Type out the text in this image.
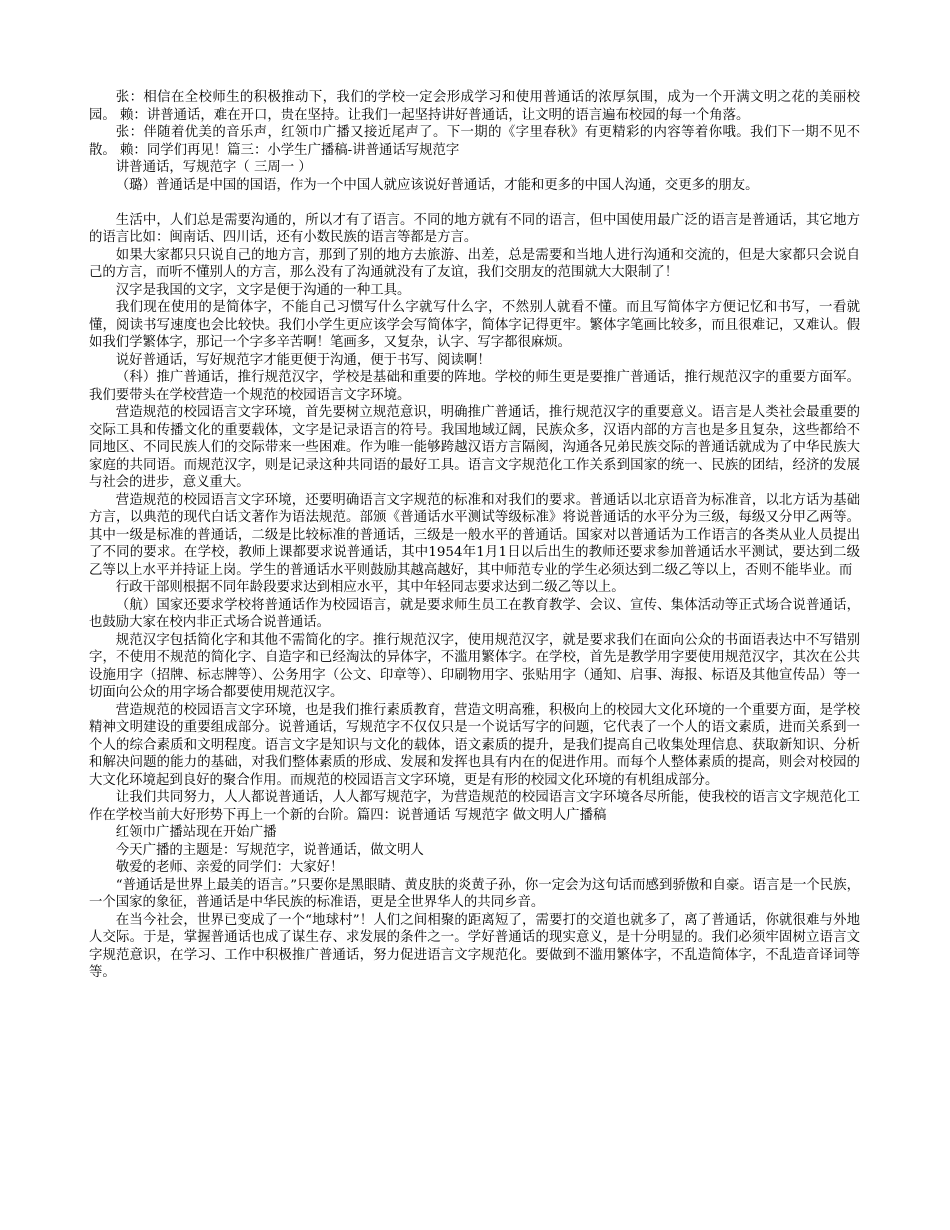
张：相信在全校师生的积极推动下，我们的学校一定会形成学习和使用普通话的浓厚氛围，成为一个开满文明之花的美丽校园。 赖：讲普通话，难在开口，贵在坚持。让我们一起坚持讲好普通话，让文明的语言遍布校园的每一个角落。

张：伴随着优美的音乐声，红领巾广播又接近尾声了。下一期的《字里春秋》有更精彩的内容等着你哦。我们下一期不见不散。 赖：同学们再见！篇三：小学生广播稿-讲普通话写规范字

讲普通话，写规范字（ 三周一 ）

（璐）普通话是中国的国语，作为一个中国人就应该说好普通话，才能和更多的中国人沟通，交更多的朋友。

生活中，人们总是需要沟通的，所以才有了语言。不同的地方就有不同的语言，但中国使用最广泛的语言是普通话，其它地方的语言比如：闽南话、四川话，还有小数民族的语言等都是方言。

如果大家都只只说自己的地方言，那到了别的地方去旅游、出差，总是需要和当地人进行沟通和交流的，但是大家都只会说自己的方言，而听不懂别人的方言，那么没有了沟通就没有了友谊，我们交朋友的范围就大大限制了！

汉字是我国的文字，文字是便于沟通的一种工具。

我们现在使用的是简体字，不能自己习惯写什么字就写什么字，不然别人就看不懂。而且写简体字方便记忆和书写，一看就懂，阅读书写速度也会比较快。我们小学生更应该学会写简体字，简体字记得更牢。繁体字笔画比较多，而且很难记，又难认。假如我们学繁体字，那记一个字多辛苦啊！笔画多，又复杂，认字、写字都很麻烦。

说好普通话，写好规范字才能更便于沟通，便于书写、阅读啊！

（科）推广普通话，推行规范汉字，学校是基础和重要的阵地。学校的师生更是要推广普通话，推行规范汉字的重要方面军。我们要带头在学校营造一个规范的校园语言文字环境。

营造规范的校园语言文字环境，首先要树立规范意识，明确推广普通话，推行规范汉字的重要意义。语言是人类社会最重要的交际工具和传播文化的重要载体，文字是记录语言的符号。我国地域辽阔，民族众多，汉语内部的方言也是多且复杂，这些都给不同地区、不同民族人们的交际带来一些困难。作为唯一能够跨越汉语方言隔阂，沟通各兄弟民族交际的普通话就成为了中华民族大家庭的共同语。而规范汉字，则是记录这种共同语的最好工具。语言文字规范化工作关系到国家的统一、民族的团结，经济的发展与社会的进步，意义重大。

营造规范的校园语言文字环境，还要明确语言文字规范的标准和对我们的要求。普通话以北京语音为标准音，以北方话为基础方言，以典范的现代白话文著作为语法规范。部颁《普通话水平测试等级标准》将说普通话的水平分为三级，每级又分甲乙两等。其中一级是标准的普通话，二级是比较标准的普通话，三级是一般水平的普通话。国家对以普通话为工作语言的各类从业人员提出了不同的要求。在学校，教师上课都要求说普通话，其中1954年1月1日以后出生的教师还要求参加普通话水平测试，要达到二级乙等以上水平并持证上岗。学生的普通话水平则鼓励其越高越好，其中师范专业的学生必须达到二级乙等以上，否则不能毕业。而

行政干部则根据不同年龄段要求达到相应水平，其中年轻同志要求达到二级乙等以上。

（航）国家还要求学校将普通话作为校园语言，就是要求师生员工在教育教学、会议、宣传、集体活动等正式场合说普通话，也鼓励大家在校内非正式场合说普通话。

规范汉字包括简化字和其他不需简化的字。推行规范汉字，使用规范汉字，就是要求我们在面向公众的书面语表达中不写错别字，不使用不规范的简化字、自造字和已经淘汰的异体字，不滥用繁体字。在学校，首先是教学用字要使用规范汉字，其次在公共设施用字（招牌、标志牌等）、公务用字（公文、印章等）、印刷物用字、张贴用字（通知、启事、海报、标语及其他宣传品）等一切面向公众的用字场合都要使用规范汉字。

营造规范的校园语言文字环境，也是我们推行素质教育，营造文明高雅，积极向上的校园大文化环境的一个重要方面，是学校精神文明建设的重要组成部分。说普通话，写规范字不仅仅只是一个说话写字的问题，它代表了一个人的语文素质，进而关系到一个人的综合素质和文明程度。语言文字是知识与文化的载体，语文素质的提升，是我们提高自己收集处理信息、获取新知识、分析和解决问题的能力的基础，对我们整体素质的形成、发展和发挥也具有内在的促进作用。而每个人整体素质的提高，则会对校园的大文化环境起到良好的聚合作用。而规范的校园语言文字环境，更是有形的校园文化环境的有机组成部分。

让我们共同努力，人人都说普通话，人人都写规范字，为营造规范的校园语言文字环境各尽所能，使我校的语言文字规范化工作在学校当前大好形势下再上一个新的台阶。篇四：说普通话 写规范字 做文明人广播稿

红领巾广播站现在开始广播

今天广播的主题是：写规范字，说普通话，做文明人

敬爱的老师、亲爱的同学们：大家好！

“普通话是世界上最美的语言。”只要你是黑眼睛、黄皮肤的炎黄子孙，你一定会为这句话而感到骄傲和自豪。语言是一个民族，一个国家的象征，普通话是中华民族的标准语，更是全世界华人的共同乡音。

在当今社会，世界已变成了一个“地球村”！人们之间相聚的距离短了，需要打的交道也就多了，离了普通话，你就很难与外地人交际。于是，掌握普通话也成了谋生存、求发展的条件之一。学好普通话的现实意义，是十分明显的。我们必须牢固树立语言文字规范意识，在学习、工作中积极推广普通话，努力促进语言文字规范化。要做到不滥用繁体字，不乱造简体字，不乱造音译词等等。
